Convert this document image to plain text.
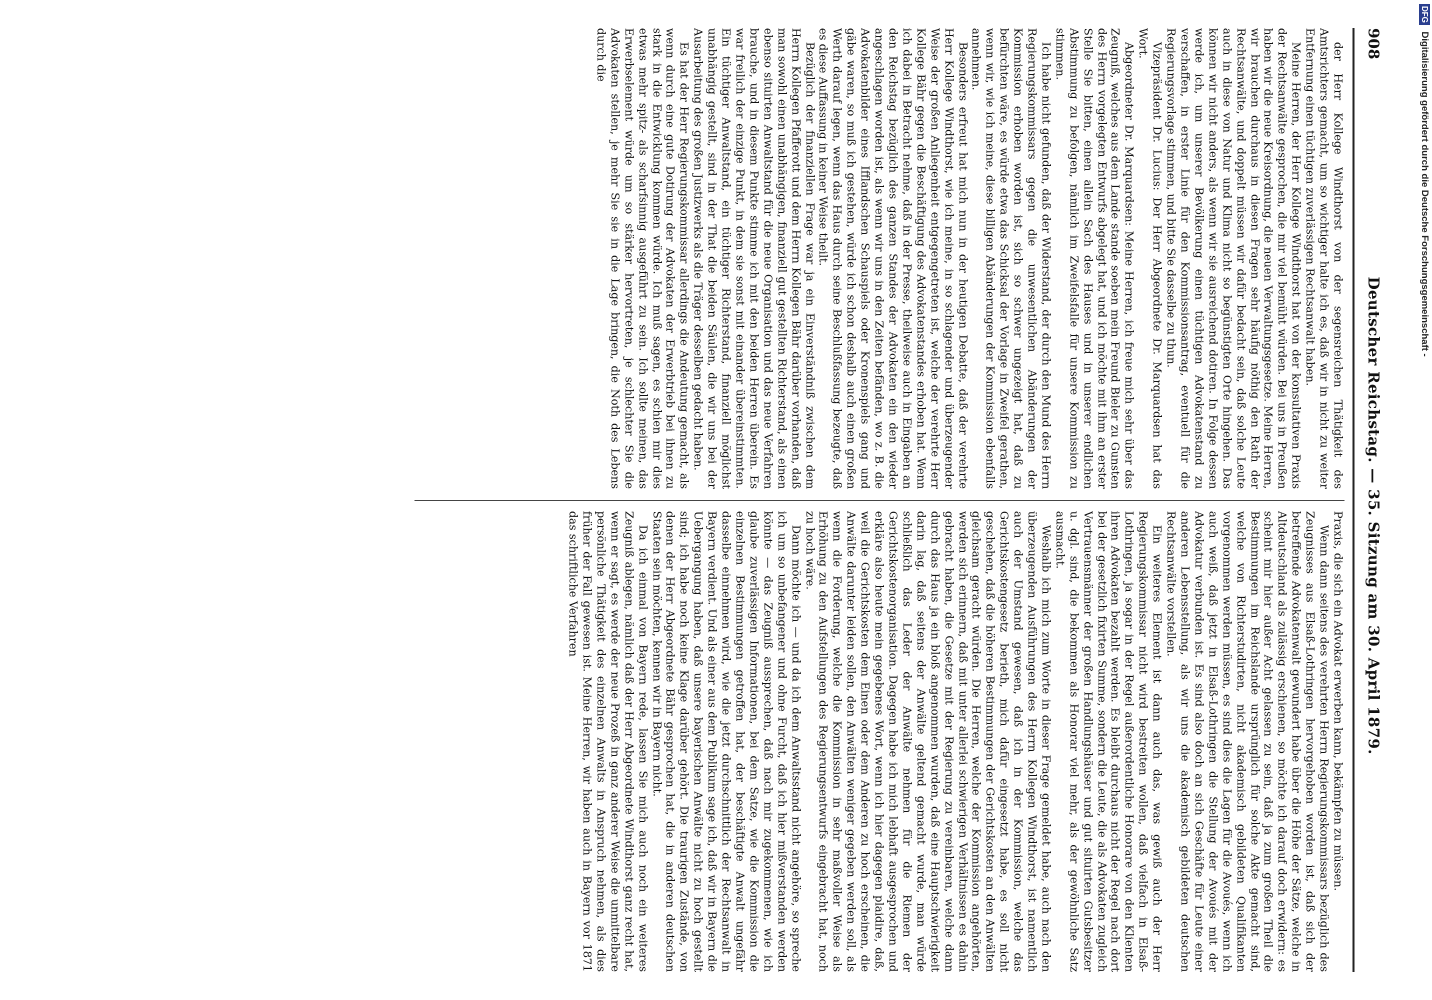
908
Deutscher Reichstag. — 35. Sitzung am 30. April 1879.

der Herr Kollege Windthorst von der segensreichen Thätigkeit des Amtsrichters gemacht, um so wichtiger halte ich es, daß wir in nicht zu weiter Entfernung einen tüchtigen zuverlässigen Rechtsanwalt haben.

Meine Herren, der Herr Kollege Windthorst hat von der konsultativen Praxis der Rechtsanwälte gesprochen, die mir viel bemüht würden. Bei uns in Preußen haben wir die neue Kreisordnung, die neuen Verwaltungsgesetze. Meine Herren, wir brauchen durchaus in diesen Fragen sehr häufig nöthig den Rath der Rechtsanwälte, und doppelt müssen wir dafür bedacht sein, daß solche Leute auch in diese von Natur und Klima nicht so begünstigten Orte hingehen. Das können wir nicht anders, als wenn wir sie ausreichend dotiren. In Folge dessen werde ich, um unserer Bevölkerung einen tüchtigen Advokatenstand zu verschaffen, in erster Linie für den Kommissionsantrag, eventuell für die Regierungsvorlage stimmen, und bitte Sie dasselbe zu thun.

Vizepräsident Dr. Lucius: Der Herr Abgeordnete Dr. Marquardsen hat das Wort.

Abgeordneter Dr. Marquardsen: Meine Herren, ich freue mich sehr über das Zeugniß, welches aus dem Lande stande soeben mein Freund Bieler zu Gunsten des Herrn vorgelegten Entwurfs abgelegt hat, und ich möchte mit ihm an erster Stelle Sie bitten, einen allein Sach des Hauses und in unserer endlichen Abstimmung zu befolgen, nämlich im Zweifelsfalle für unsere Kommission zu stimmen.

Ich habe nicht gefunden, daß der Widerstand, der durch den Mund des Herrn Regierungskommissars gegen die unwesentlichen Abänderungen der Kommission erhoben worden ist, sich so schwer ungezeigt hat, daß zu befürchten wäre, es würde etwa das Schicksal der Vorlage in Zweifel gerathen, wenn wir, wie ich meine, diese billigen Abänderungen der Kommission ebenfalls annehmen.

Besonders erfreut hat mich nun in der heutigen Debatte, daß der verehrte Herr Kollege Windthorst, wie ich meine, in so schlagender und überzeugender Weise der großen Anliegenheit entgegengetreten ist, welche der verehrte Herr Kollege Bähr gegen die Beschäftigung des Advokatenstandes erhoben hat. Wenn ich dabei in Betracht nehme, daß in der Presse, theilweise auch in Eingaben an den Reichstag bezüglich des ganzen Standes der Advokaten ein den wieder angeschlagen worden ist, als wenn wir uns in den Zeiten befänden, wo z. B. die Advokatenbilder eines Ifflandschen Schauspiels oder Kronenspiels gang und gäbe waren, so muß ich gestehen, würde ich schon deshalb auch einen großen Werth darauf legen, wenn das Haus durch seine Beschlußfassung bezeugte, daß es diese Auffassung in keiner Weise theilt.

Bezüglich der finanziellen Frage war ja ein Einverständniß zwischen dem Herrn Kollegen Pfafferott und dem Herrn Kollegen Bähr darüber vorhanden, daß man sowohl einen unabhängigen, finanziell gut gestellten Richterstand, als einen ebenso situirten Anwaltstand für die neue Organisation und das neue Verfahren brauche, und in diesem Punkte stimme ich mit den beiden Herren überein. Es war freilich der einzige Punkt, in dem sie sonst mit einander übereinstimmten. Ein tüchtiger Anwaltstand, ein tüchtiger Richterstand, finanziell möglichst unabhängig gestellt, sind in der That die beiden Säulen, die wir uns bei der Ausarbeitung des großen Justizwerks als die Träger desselben gedacht haben.

Es hat der Herr Regierungskommissar allerdings die Andeutung gemacht, als wenn durch eine gute Dotirung der Advokaten der Erwerbtrieb bei ihnen zu stark in die Entwicklung kommen würde. Ich muß sagen, es schien mir dies etwas mehr spitz- als scharfsinnig ausgeführt zu sein. Ich sollte meinen, das Erwerbselement würde um so stärker hervortreten, je schlechter Sie die Advokaten stellen, je mehr Sie sie in die Lage bringen, die Noth des Lebens durch die

Praxis, die sich ein Advokat erwerben kann, bekämpfen zu müssen.

Wenn dann seitens des verehrten Herrn Regierungskommissars bezüglich des Zeugnisses aus Elsaß-Lothringen hervorgehoben worden ist, daß sich der betreffende Advokatenwalt gewundert habe über die Höhe der Sätze, welche in Altdeutschland als zulässig erschienen, so möchte ich darauf doch erwidern: es scheint mir hier außer Acht gelassen zu sein, daß ja zum großen Theil die Bestimmungen im Reichslande ursprünglich für solche Akte gemacht sind, welche von Richterstudirten, nicht akademisch gebildeten Qualifikanten vorgenommen werden müssen, es sind dies die Lagen für die Avoués, wenn ich auch weiß, daß jetzt in Elsaß-Lothringen die Stellung der Avoués mit der Advokatur verbunden ist. Es sind also doch an sich Geschäfte für Leute einer anderen Lebensstellung, als wir uns die akademisch gebildeten deutschen Rechtsanwälte vorstellen.

Ein weiteres Element ist dann auch das, was gewiß auch der Herr Regierungskommissar nicht wird bestreiten wollen, daß vielfach in Elsaß-Lothringen, ja sogar in der Regel außerordentliche Honorare von den Klienten ihren Advokaten bezahlt werden. Es bleibt durchaus nicht der Regel nach dort bei der gesetzlich fixirten Summe, sondern die Leute, die als Advokaten zugleich Vertrauensmänner der großen Handlungshäuser und gut situirten Gutsbesitzer u. dgl. sind, die bekommen als Honorar viel mehr, als der gewöhnliche Satz ausmacht.

Weshalb ich mich zum Worte in dieser Frage gemeldet habe, auch nach den überzeugenden Ausführungen des Herrn Kollegen Windthorst, ist namentlich auch der Umstand gewesen, daß ich in der Kommission, welche das Gerichtskostengesetz berieth, mich dafür eingesetzt habe, es soll nicht geschehen, daß die höheren Bestimmungen der Gerichtskosten an den Anwälten gleichsam geracht würden. Die Herren, welche der Kommission angehörten, werden sich erinnern, daß mit unter allerlei schwierigen Verhältnissen es dahin gebracht haben, die Gesetze mit der Regierung zu vereinbaren, welche dann durch das Haus ja ein bloß angenommen wurden, daß eine Hauptschwierigkeit darin lag, daß seitens der Anwälte geltend gemacht wurde, man würde schließlich das Leder der Anwälte nehmen für die Riemen der Gerichtskostenorganisation. Dagegen habe ich mich lebhaft ausgesprochen und erkläre also heute mein gegebenes Wort, wenn ich hier dagegen plaidire, daß, weil die Gerichtskosten dem Einen oder dem Anderen zu hoch erscheinen, die Anwälte darunter leiden sollen, den Anwälten weniger gegeben werden soll, als wenn die Forderung, welche die Kommission in sehr maßvoller Weise als Erhöhung zu den Aufstellungen des Regierungsentwurfs eingebracht hat, noch zu hoch wäre.

Dann möchte ich — und da ich dem Anwaltsstand nicht angehöre, so spreche ich um so unbefangener und ohne Furcht, daß ich hier mißverstanden werden könnte — das Zeugniß aussprechen, daß nach mir zugekommenen, wie ich glaube zuverlässigen Informationen, bei dem Satze, wie die Kommission die einzelnen Bestimmungen getroffen hat, der beschäftigte Anwalt ungefähr dasselbe einnehmen wird, wie die jetzt durchschnittlich der Rechtsanwalt in Bayern verdient. Und als einer aus dem Publikum sage ich, daß wir in Bayern die Uebergangung haben, daß unsere bayerischen Anwälte nicht zu hoch gestellt sind; ich habe noch keine Klage darüber gehört. Die traurigen Zustände, von denen der Herr Abgeordnete Bähr gesprochen hat, die in anderen deutschen Staaten sein möchten, kennen wir in Bayern nicht.

Da ich einmal von Bayern rede, lassen Sie mich auch noch ein weiteres Zeugniß ablegen, nämlich daß der Herr Abgeordnete Windthorst ganz recht hat, wenn er sagt, es werde der neue Prozeß in ganz anderer Weise die unmittelbare persönliche Thätigkeit des einzelnen Anwalts in Anspruch nehmen, als dies früher der Fall gewesen ist. Meine Herren, wir haben auch in Bayern vor 1871 das schriftliche Verfahren

DFG Digitalisierung gefördert durch die Deutsche Forschungsgemeinschaft -
